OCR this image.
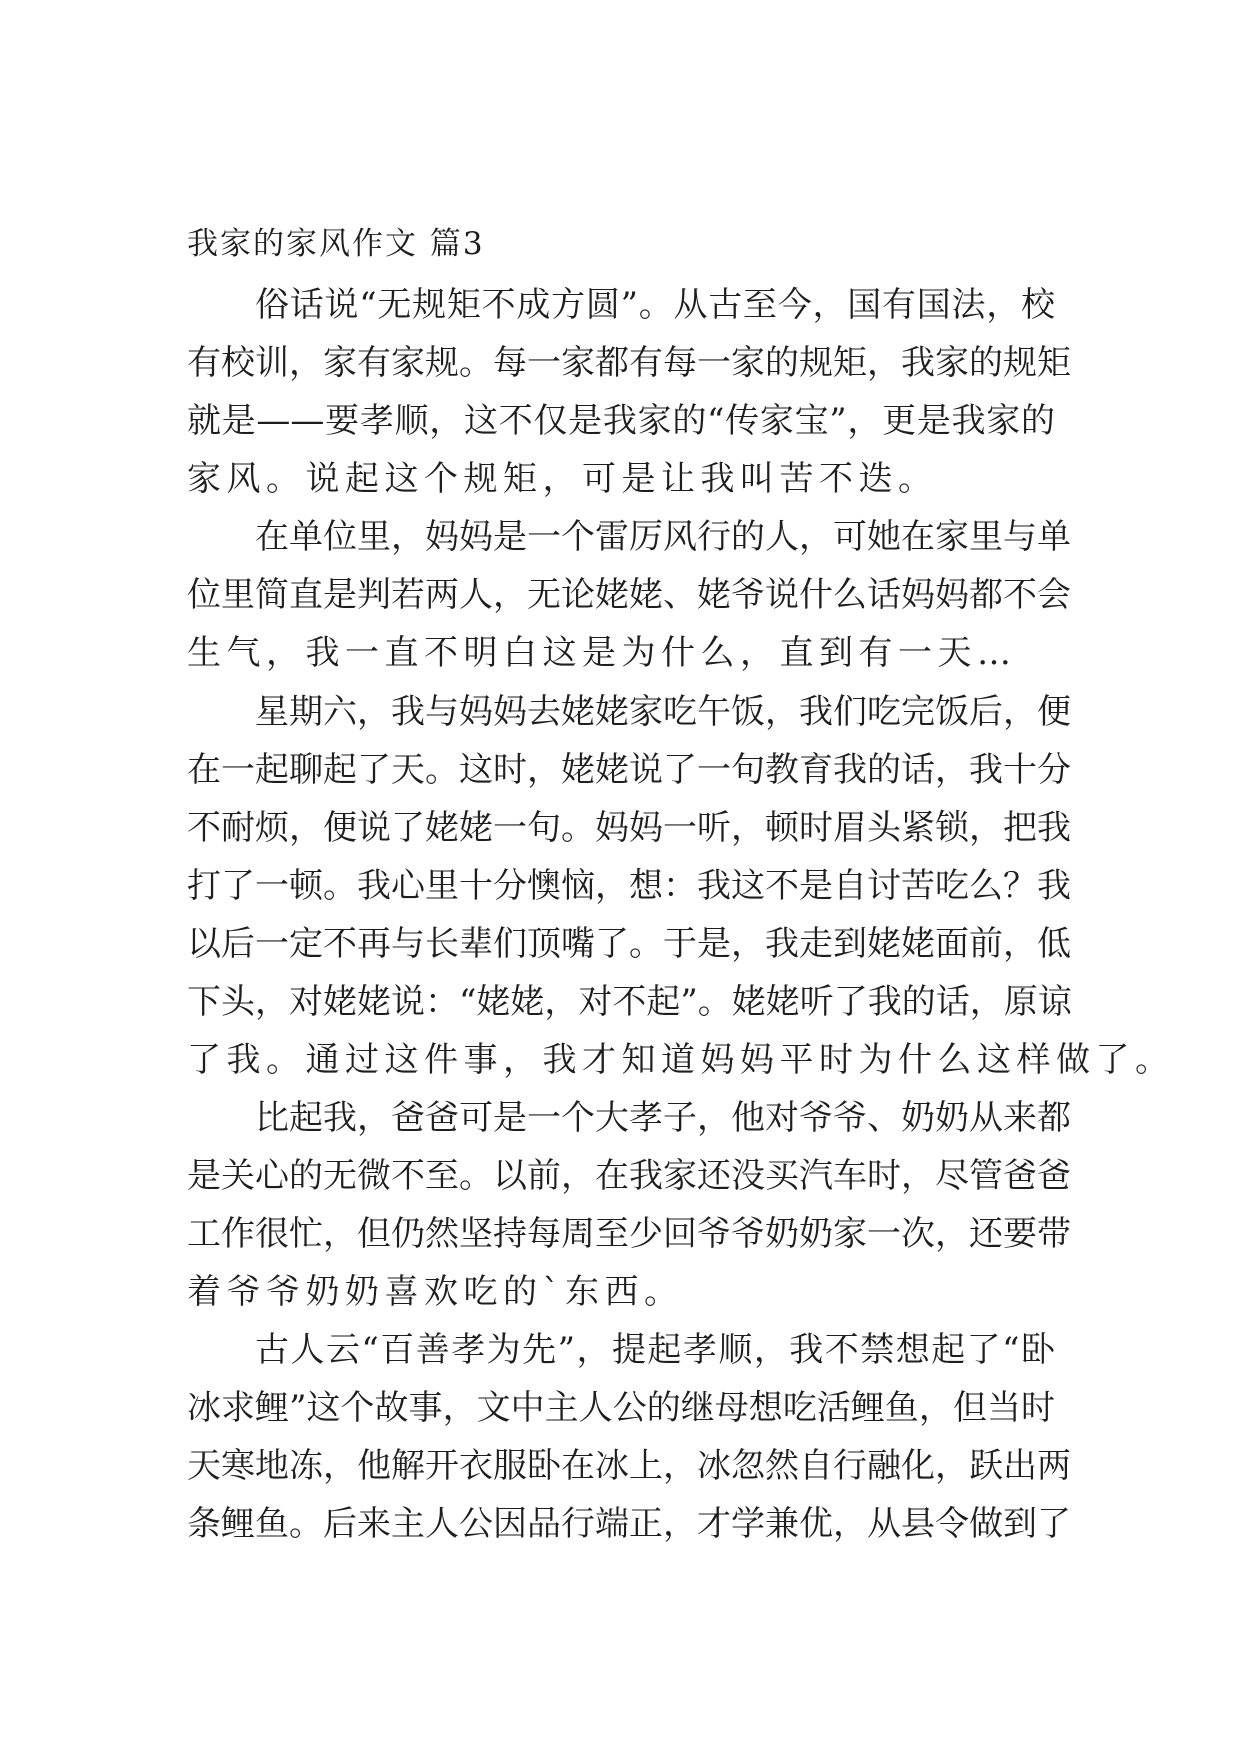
我家的家风作文 篇3
俗话说“无规矩不成方圆”。从古至今，国有国法，校
有校训，家有家规。每一家都有每一家的规矩，我家的规矩
就是——要孝顺，这不仅是我家的“传家宝”，更是我家的
家风。说起这个规矩，可是让我叫苦不迭。
在单位里，妈妈是一个雷厉风行的人，可她在家里与单
位里简直是判若两人，无论姥姥、姥爷说什么话妈妈都不会
生气，我一直不明白这是为什么，直到有一天…
星期六，我与妈妈去姥姥家吃午饭，我们吃完饭后，便
在一起聊起了天。这时，姥姥说了一句教育我的话，我十分
不耐烦，便说了姥姥一句。妈妈一听，顿时眉头紧锁，把我
打了一顿。我心里十分懊恼，想：我这不是自讨苦吃么？我
以后一定不再与长辈们顶嘴了。于是，我走到姥姥面前，低
下头，对姥姥说：“姥姥，对不起”。姥姥听了我的话，原谅
了我。通过这件事，我才知道妈妈平时为什么这样做了。
比起我，爸爸可是一个大孝子，他对爷爷、奶奶从来都
是关心的无微不至。以前，在我家还没买汽车时，尽管爸爸
工作很忙，但仍然坚持每周至少回爷爷奶奶家一次，还要带
着爷爷奶奶喜欢吃的`东西。
古人云“百善孝为先”，提起孝顺，我不禁想起了“卧
冰求鲤”这个故事，文中主人公的继母想吃活鲤鱼，但当时
天寒地冻，他解开衣服卧在冰上，冰忽然自行融化，跃出两
条鲤鱼。后来主人公因品行端正，才学兼优，从县令做到了
